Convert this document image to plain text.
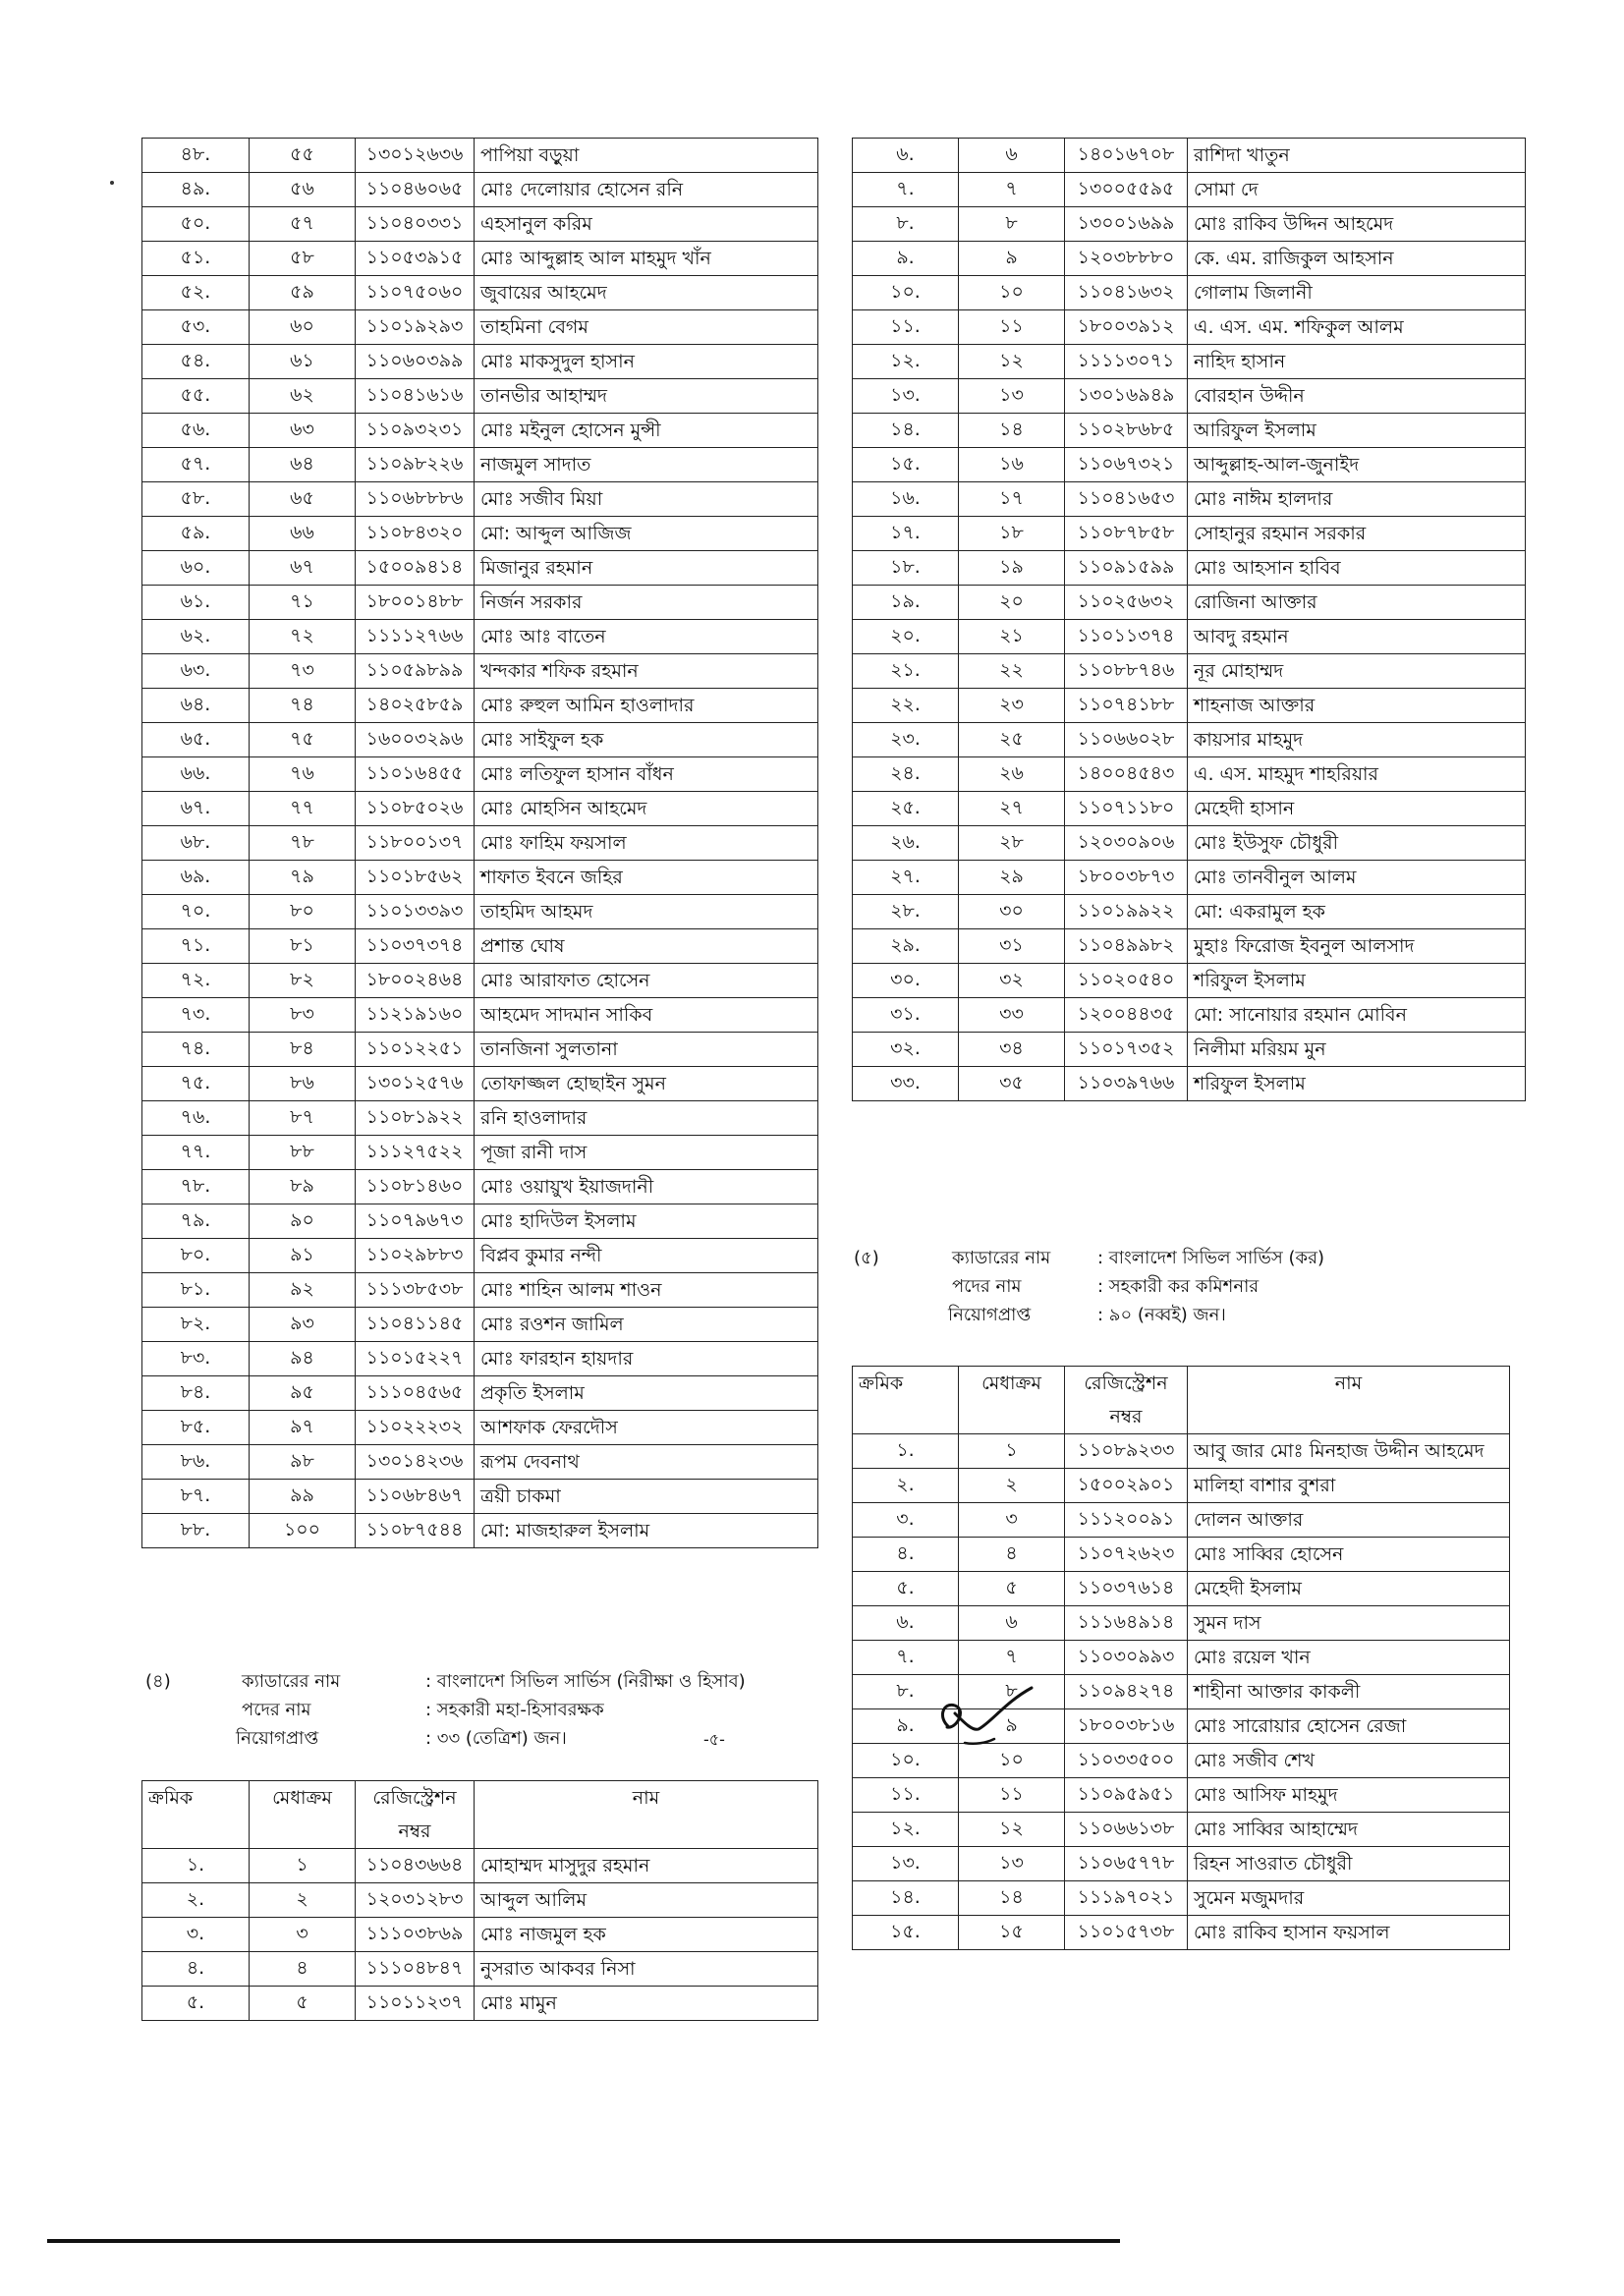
৪৮.	৫৫	১৩০১২৬৩৬	পাপিয়া বড়ুয়া
৪৯.	৫৬	১১০৪৬০৬৫	মোঃ দেলোয়ার হোসেন রনি
৫০.	৫৭	১১০৪০৩৩১	এহসানুল করিম
৫১.	৫৮	১১০৫৩৯১৫	মোঃ আব্দুল্লাহ আল মাহমুদ খাঁন
৫২.	৫৯	১১০৭৫০৬০	জুবায়ের আহমেদ
৫৩.	৬০	১১০১৯২৯৩	তাহমিনা বেগম
৫৪.	৬১	১১০৬০৩৯৯	মোঃ মাকসুদুল হাসান
৫৫.	৬২	১১০৪১৬১৬	তানভীর আহাম্মদ
৫৬.	৬৩	১১০৯৩২৩১	মোঃ মইনুল হোসেন মুন্সী
৫৭.	৬৪	১১০৯৮২২৬	নাজমুল সাদাত
৫৮.	৬৫	১১০৬৮৮৮৬	মোঃ সজীব মিয়া
৫৯.	৬৬	১১০৮৪৩২০	মো: আব্দুল আজিজ
৬০.	৬৭	১৫০০৯৪১৪	মিজানুর রহমান
৬১.	৭১	১৮০০১৪৮৮	নির্জন সরকার
৬২.	৭২	১১১১২৭৬৬	মোঃ আঃ বাতেন
৬৩.	৭৩	১১০৫৯৮৯৯	খন্দকার শফিক রহমান
৬৪.	৭৪	১৪০২৫৮৫৯	মোঃ রুহুল আমিন হাওলাদার
৬৫.	৭৫	১৬০০৩২৯৬	মোঃ সাইফুল হক
৬৬.	৭৬	১১০১৬৪৫৫	মোঃ লতিফুল হাসান বাঁধন
৬৭.	৭৭	১১০৮৫০২৬	মোঃ মোহসিন আহমেদ
৬৮.	৭৮	১১৮০০১৩৭	মোঃ ফাহিম ফয়সাল
৬৯.	৭৯	১১০১৮৫৬২	শাফাত ইবনে জহির
৭০.	৮০	১১০১৩৩৯৩	তাহমিদ আহমদ
৭১.	৮১	১১০৩৭৩৭৪	প্রশান্ত ঘোষ
৭২.	৮২	১৮০০২৪৬৪	মোঃ আরাফাত হোসেন
৭৩.	৮৩	১১২১৯১৬০	আহমেদ সাদমান সাকিব
৭৪.	৮৪	১১০১২২৫১	তানজিনা সুলতানা
৭৫.	৮৬	১৩০১২৫৭৬	তোফাজ্জল হোছাইন সুমন
৭৬.	৮৭	১১০৮১৯২২	রনি হাওলাদার
৭৭.	৮৮	১১১২৭৫২২	পূজা রানী দাস
৭৮.	৮৯	১১০৮১৪৬০	মোঃ ওয়ায়ুখ ইয়াজদানী
৭৯.	৯০	১১০৭৯৬৭৩	মোঃ হাদিউল ইসলাম
৮০.	৯১	১১০২৯৮৮৩	বিপ্লব কুমার নন্দী
৮১.	৯২	১১১৩৮৫৩৮	মোঃ শাহিন আলম শাওন
৮২.	৯৩	১১০৪১১৪৫	মোঃ রওশন জামিল
৮৩.	৯৪	১১০১৫২২৭	মোঃ ফারহান হায়দার
৮৪.	৯৫	১১১০৪৫৬৫	প্রকৃতি ইসলাম
৮৫.	৯৭	১১০২২২৩২	আশফাক ফেরদৌস
৮৬.	৯৮	১৩০১৪২৩৬	রূপম দেবনাথ
৮৭.	৯৯	১১০৬৮৪৬৭	ত্রয়ী চাকমা
৮৮.	১০০	১১০৮৭৫৪৪	মো: মাজহারুল ইসলাম
৬.	৬	১৪০১৬৭০৮	রাশিদা খাতুন
৭.	৭	১৩০০৫৫৯৫	সোমা দে
৮.	৮	১৩০০১৬৯৯	মোঃ রাকিব উদ্দিন আহমেদ
৯.	৯	১২০৩৮৮৮০	কে. এম. রাজিকুল আহসান
১০.	১০	১১০৪১৬৩২	গোলাম জিলানী
১১.	১১	১৮০০৩৯১২	এ. এস. এম. শফিকুল আলম
১২.	১২	১১১১৩০৭১	নাহিদ হাসান
১৩.	১৩	১৩০১৬৯৪৯	বোরহান উদ্দীন
১৪.	১৪	১১০২৮৬৮৫	আরিফুল ইসলাম
১৫.	১৬	১১০৬৭৩২১	আব্দুল্লাহ-আল-জুনাইদ
১৬.	১৭	১১০৪১৬৫৩	মোঃ নাঈম হালদার
১৭.	১৮	১১০৮৭৮৫৮	সোহানুর রহমান সরকার
১৮.	১৯	১১০৯১৫৯৯	মোঃ আহসান হাবিব
১৯.	২০	১১০২৫৬৩২	রোজিনা আক্তার
২০.	২১	১১০১১৩৭৪	আবদু রহমান
২১.	২২	১১০৮৮৭৪৬	নূর মোহাম্মদ
২২.	২৩	১১০৭৪১৮৮	শাহনাজ আক্তার
২৩.	২৫	১১০৬৬০২৮	কায়সার মাহমুদ
২৪.	২৬	১৪০০৪৫৪৩	এ. এস. মাহমুদ শাহরিয়ার
২৫.	২৭	১১০৭১১৮০	মেহেদী হাসান
২৬.	২৮	১২০৩০৯০৬	মোঃ ইউসুফ চৌধুরী
২৭.	২৯	১৮০০৩৮৭৩	মোঃ তানবীনুল আলম
২৮.	৩০	১১০১৯৯২২	মো: একরামুল হক
২৯.	৩১	১১০৪৯৯৮২	মুহাঃ ফিরোজ ইবনুল আলসাদ
৩০.	৩২	১১০২০৫৪০	শরিফুল ইসলাম
৩১.	৩৩	১২০০৪৪৩৫	মো: সানোয়ার রহমান মোবিন
৩২.	৩৪	১১০১৭৩৫২	নিলীমা মরিয়ম মুন
৩৩.	৩৫	১১০৩৯৭৬৬	শরিফুল ইসলাম
(৪)	ক্যাডারের নাম	: বাংলাদেশ সিভিল সার্ভিস (নিরীক্ষা ও হিসাব)
পদের নাম	: সহকারী মহা-হিসাবরক্ষক
নিয়োগপ্রাপ্ত	: ৩৩ (তেত্রিশ) জন।
ক্রমিক	মেধাক্রম	রেজিস্ট্রেশন নম্বর	নাম
১.	১	১১০৪৩৬৬৪	মোহাম্মদ মাসুদুর রহমান
২.	২	১২০৩১২৮৩	আব্দুল আলিম
৩.	৩	১১১০৩৮৬৯	মোঃ নাজমুল হক
৪.	৪	১১১০৪৮৪৭	নুসরাত আকবর নিসা
৫.	৫	১১০১১২৩৭	মোঃ মামুন
(৫)	ক্যাডারের নাম	: বাংলাদেশ সিভিল সার্ভিস (কর)
পদের নাম	: সহকারী কর কমিশনার
নিয়োগপ্রাপ্ত	: ৯০ (নব্বই) জন।
ক্রমিক	মেধাক্রম	রেজিস্ট্রেশন নম্বর	নাম
১.	১	১১০৮৯২৩৩	আবু জার মোঃ মিনহাজ উদ্দীন আহমেদ
২.	২	১৫০০২৯০১	মালিহা বাশার বুশরা
৩.	৩	১১১২০০৯১	দোলন আক্তার
৪.	৪	১১০৭২৬২৩	মোঃ সাব্বির হোসেন
৫.	৫	১১০৩৭৬১৪	মেহেদী ইসলাম
৬.	৬	১১১৬৪৯১৪	সুমন দাস
৭.	৭	১১০৩০৯৯৩	মোঃ রয়েল খান
৮.	৮	১১০৯৪২৭৪	শাহীনা আক্তার কাকলী
৯.	৯	১৮০০৩৮১৬	মোঃ সারোয়ার হোসেন রেজা
১০.	১০	১১০৩৩৫০০	মোঃ সজীব শেখ
১১.	১১	১১০৯৫৯৫১	মোঃ আসিফ মাহমুদ
১২.	১২	১১০৬৬১৩৮	মোঃ সাব্বির আহাম্মেদ
১৩.	১৩	১১০৬৫৭৭৮	রিহন সাওরাত চৌধুরী
১৪.	১৪	১১১৯৭০২১	সুমেন মজুমদার
১৫.	১৫	১১০১৫৭৩৮	মোঃ রাকিব হাসান ফয়সাল
-৫-
